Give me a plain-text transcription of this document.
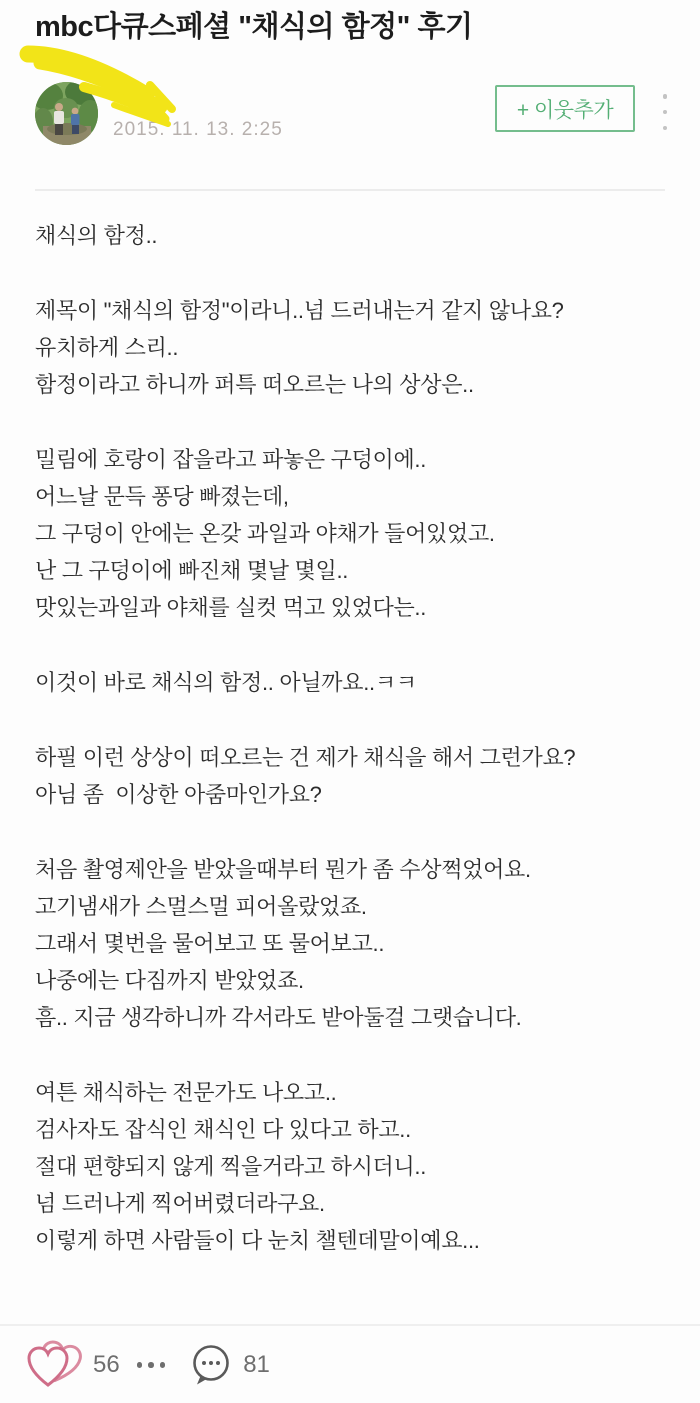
mbc다큐스페셜 "채식의 함정" 후기
2015. 11. 13. 2:25
+ 이웃추가
채식의 함정..
제목이 "채식의 함정"이라니..넘 드러내는거 같지 않나요?
유치하게 스리..
함정이라고 하니까 퍼특 떠오르는 나의 상상은..
밀림에 호랑이 잡을라고 파놓은 구덩이에..
어느날 문득 퐁당 빠졌는데,
그 구덩이 안에는 온갖 과일과 야채가 들어있었고.
난 그 구덩이에 빠진채 몇날 몇일..
맛있는과일과 야채를 실컷 먹고 있었다는..
이것이 바로 채식의 함정.. 아닐까요..ㅋㅋ
하필 이런 상상이 떠오르는 건 제가 채식을 해서 그런가요?
아님 좀  이상한 아줌마인가요?
처음 촬영제안을 받았을때부터 뭔가 좀 수상쩍었어요.
고기냄새가 스멀스멀 피어올랐었죠.
그래서 몇번을 물어보고 또 물어보고..
나중에는 다짐까지 받았었죠.
흠.. 지금 생각하니까 각서라도 받아둘걸 그랫습니다.
여튼 채식하는 전문가도 나오고..
검사자도 잡식인 채식인 다 있다고 하고..
절대 편향되지 않게 찍을거라고 하시더니..
넘 드러나게 찍어버렸더라구요.
이렇게 하면 사람들이 다 눈치 챌텐데말이예요...
56	81
